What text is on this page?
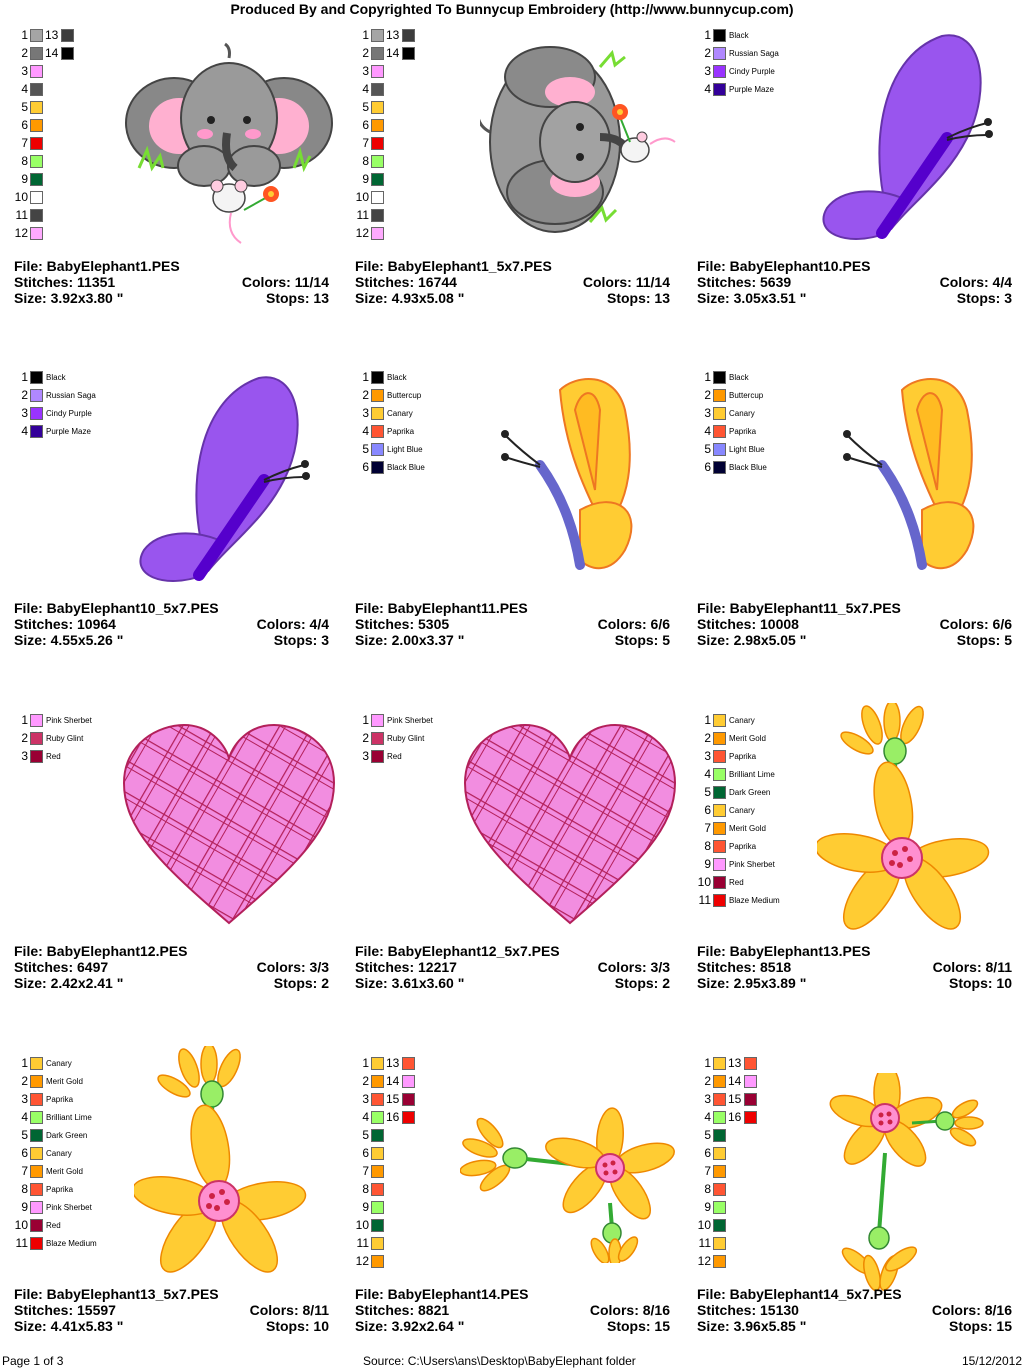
Produced By and Copyrighted To Bunnycup Embroidery (http://www.bunnycup.com)
1 13
2 14
3
4
5
6
7
8
9
10
11
12
File: BabyElephant1.PES
Stitches: 11351	Colors: 11/14
Size: 3.92x3.80 "	Stops: 13
1 13
2 14
3
4
5
6
7
8
9
10
11
12
File: BabyElephant1_5x7.PES
Stitches: 16744	Colors: 11/14
Size: 4.93x5.08 "	Stops: 13
1 Black
2 Russian Saga
3 Cindy Purple
4 Purple Maze
File: BabyElephant10.PES
Stitches: 5639	Colors: 4/4
Size: 3.05x3.51 "	Stops: 3
1 Black
2 Russian Saga
3 Cindy Purple
4 Purple Maze
File: BabyElephant10_5x7.PES
Stitches: 10964	Colors: 4/4
Size: 4.55x5.26 "	Stops: 3
1 Black
2 Buttercup
3 Canary
4 Paprika
5 Light Blue
6 Black Blue
File: BabyElephant11.PES
Stitches: 5305	Colors: 6/6
Size: 2.00x3.37 "	Stops: 5
1 Black
2 Buttercup
3 Canary
4 Paprika
5 Light Blue
6 Black Blue
File: BabyElephant11_5x7.PES
Stitches: 10008	Colors: 6/6
Size: 2.98x5.05 "	Stops: 5
1 Pink Sherbet
2 Ruby Glint
3 Red
File: BabyElephant12.PES
Stitches: 6497	Colors: 3/3
Size: 2.42x2.41 "	Stops: 2
1 Pink Sherbet
2 Ruby Glint
3 Red
File: BabyElephant12_5x7.PES
Stitches: 12217	Colors: 3/3
Size: 3.61x3.60 "	Stops: 2
1 Canary
2 Merit Gold
3 Paprika
4 Brilliant Lime
5 Dark Green
6 Canary
7 Merit Gold
8 Paprika
9 Pink Sherbet
10 Red
11 Blaze Medium
File: BabyElephant13.PES
Stitches: 8518	Colors: 8/11
Size: 2.95x3.89 "	Stops: 10
1 Canary
2 Merit Gold
3 Paprika
4 Brilliant Lime
5 Dark Green
6 Canary
7 Merit Gold
8 Paprika
9 Pink Sherbet
10 Red
11 Blaze Medium
File: BabyElephant13_5x7.PES
Stitches: 15597	Colors: 8/11
Size: 4.41x5.83 "	Stops: 10
1 13
2 14
3 15
4 16
5
6
7
8
9
10
11
12
File: BabyElephant14.PES
Stitches: 8821	Colors: 8/16
Size: 3.92x2.64 "	Stops: 15
1 13
2 14
3 15
4 16
5
6
7
8
9
10
11
12
File: BabyElephant14_5x7.PES
Stitches: 15130	Colors: 8/16
Size: 3.96x5.85 "	Stops: 15
Page 1 of 3	Source: C:\Users\ans\Desktop\BabyElephant folder	15/12/2012
